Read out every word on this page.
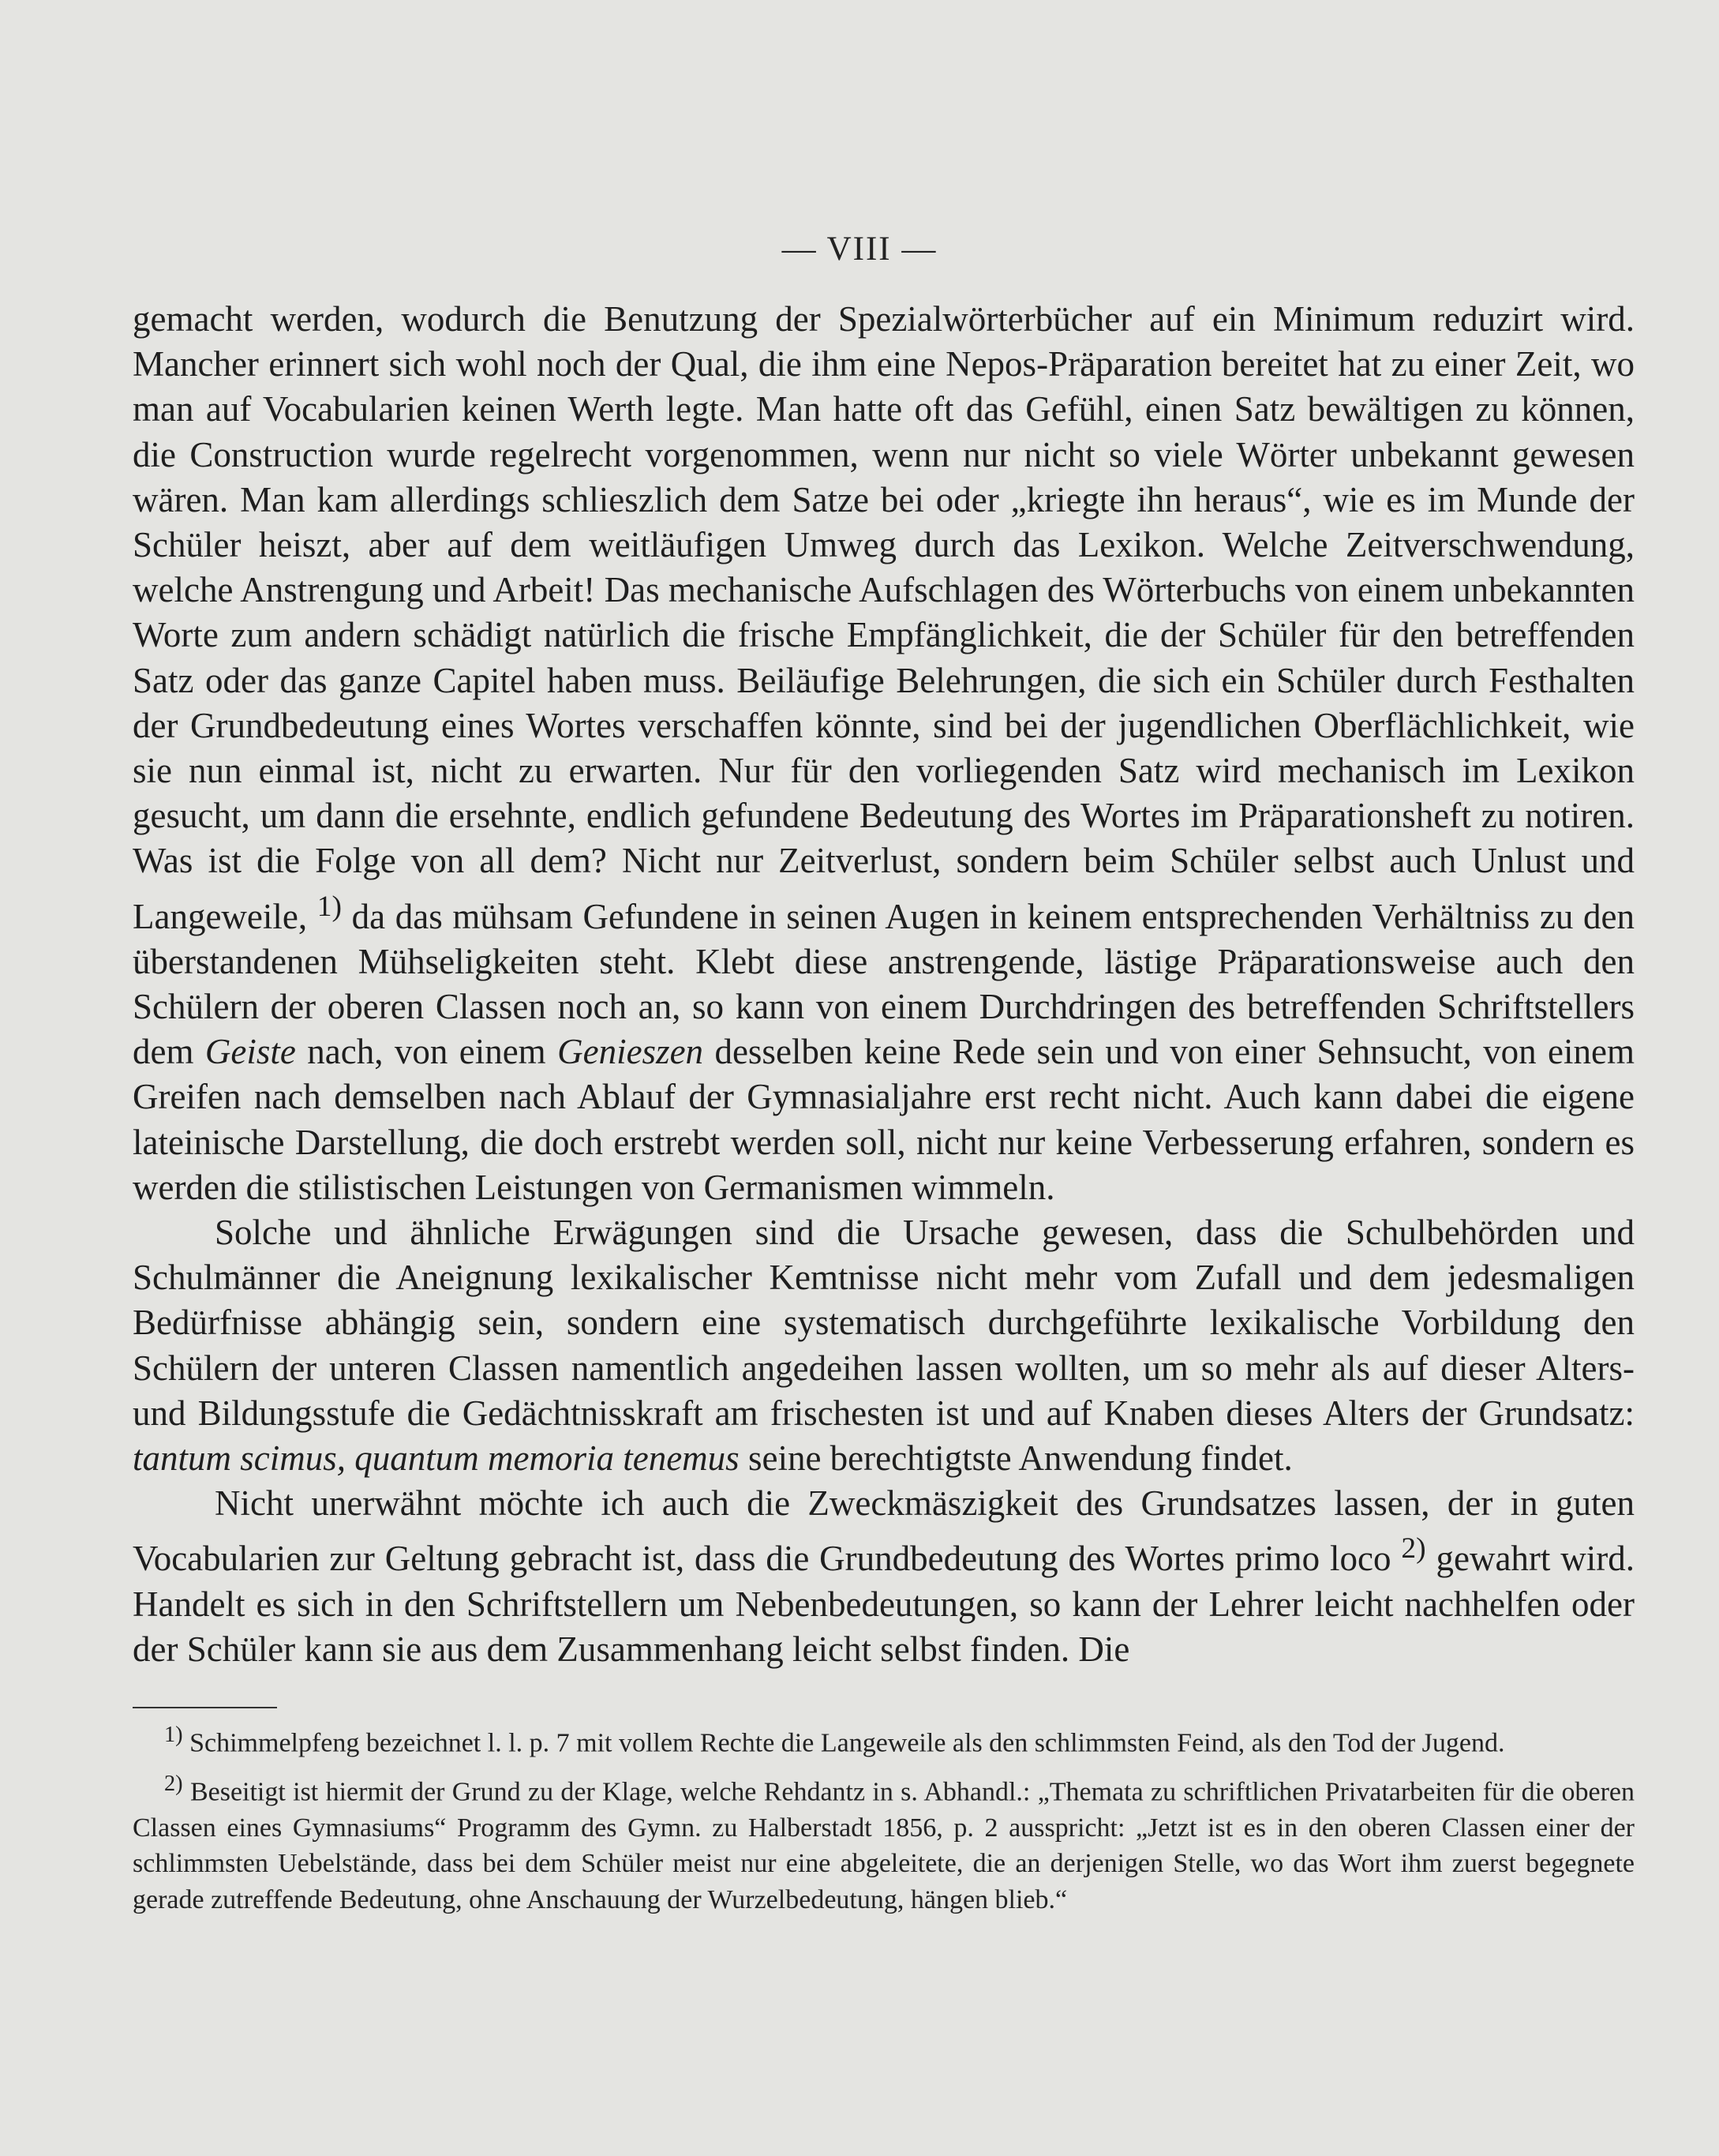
— VIII —

gemacht werden, wodurch die Benutzung der Spezialwörterbücher auf ein Minimum reduzirt wird. Mancher erinnert sich wohl noch der Qual, die ihm eine Nepos-Präparation bereitet hat zu einer Zeit, wo man auf Vocabularien keinen Werth legte. Man hatte oft das Gefühl, einen Satz bewältigen zu können, die Construction wurde regelrecht vorgenommen, wenn nur nicht so viele Wörter unbekannt gewesen wären. Man kam allerdings schlieszlich dem Satze bei oder „kriegte ihn heraus“, wie es im Munde der Schüler heiszt, aber auf dem weitläufigen Umweg durch das Lexikon. Welche Zeitverschwendung, welche Anstrengung und Arbeit! Das mechanische Aufschlagen des Wörterbuchs von einem unbekannten Worte zum andern schädigt natürlich die frische Empfänglichkeit, die der Schüler für den betreffenden Satz oder das ganze Capitel haben muss. Beiläufige Belehrungen, die sich ein Schüler durch Festhalten der Grundbedeutung eines Wortes verschaffen könnte, sind bei der jugendlichen Oberflächlichkeit, wie sie nun einmal ist, nicht zu erwarten. Nur für den vorliegenden Satz wird mechanisch im Lexikon gesucht, um dann die ersehnte, endlich gefundene Bedeutung des Wortes im Präparationsheft zu notiren. Was ist die Folge von all dem? Nicht nur Zeitverlust, sondern beim Schüler selbst auch Unlust und Langeweile, $^{1)}$ da das mühsam Gefundene in seinen Augen in keinem entsprechenden Verhältniss zu den überstandenen Mühseligkeiten steht. Klebt diese anstrengende, lästige Präparationsweise auch den Schülern der oberen Classen noch an, so kann von einem Durchdringen des betreffenden Schriftstellers dem Geiste nach, von einem Genieszen desselben keine Rede sein und von einer Sehnsucht, von einem Greifen nach demselben nach Ablauf der Gymnasialjahre erst recht nicht. Auch kann dabei die eigene lateinische Darstellung, die doch erstrebt werden soll, nicht nur keine Verbesserung erfahren, sondern es werden die stilistischen Leistungen von Germanismen wimmeln.

Solche und ähnliche Erwägungen sind die Ursache gewesen, dass die Schulbehörden und Schulmänner die Aneignung lexikalischer Kemtnisse nicht mehr vom Zufall und dem jedesmaligen Bedürfnisse abhängig sein, sondern eine systematisch durchgeführte lexikalische Vorbildung den Schülern der unteren Classen namentlich angedeihen lassen wollten, um so mehr als auf dieser Alters- und Bildungsstufe die Gedächtnisskraft am frischesten ist und auf Knaben dieses Alters der Grundsatz: tantum scimus, quantum memoria tenemus seine berechtigtste Anwendung findet.

Nicht unerwähnt möchte ich auch die Zweckmäszigkeit des Grundsatzes lassen, der in guten Vocabularien zur Geltung gebracht ist, dass die Grundbedeutung des Wortes primo loco $^{2)}$ gewahrt wird. Handelt es sich in den Schriftstellern um Nebenbedeutungen, so kann der Lehrer leicht nachhelfen oder der Schüler kann sie aus dem Zusammenhang leicht selbst finden. Die

$^{1)}$ Schimmelpfeng bezeichnet l. l. p. 7 mit vollem Rechte die Langeweile als den schlimmsten Feind, als den Tod der Jugend.

$^{2)}$ Beseitigt ist hiermit der Grund zu der Klage, welche Rehdantz in s. Abhandl.: „Themata zu schriftlichen Privatarbeiten für die oberen Classen eines Gymnasiums“ Programm des Gymn. zu Halberstadt 1856, p. 2 ausspricht: „Jetzt ist es in den oberen Classen einer der schlimmsten Uebelstände, dass bei dem Schüler meist nur eine abgeleitete, die an derjenigen Stelle, wo das Wort ihm zuerst begegnete gerade zutreffende Bedeutung, ohne Anschauung der Wurzelbedeutung, hängen blieb.“
